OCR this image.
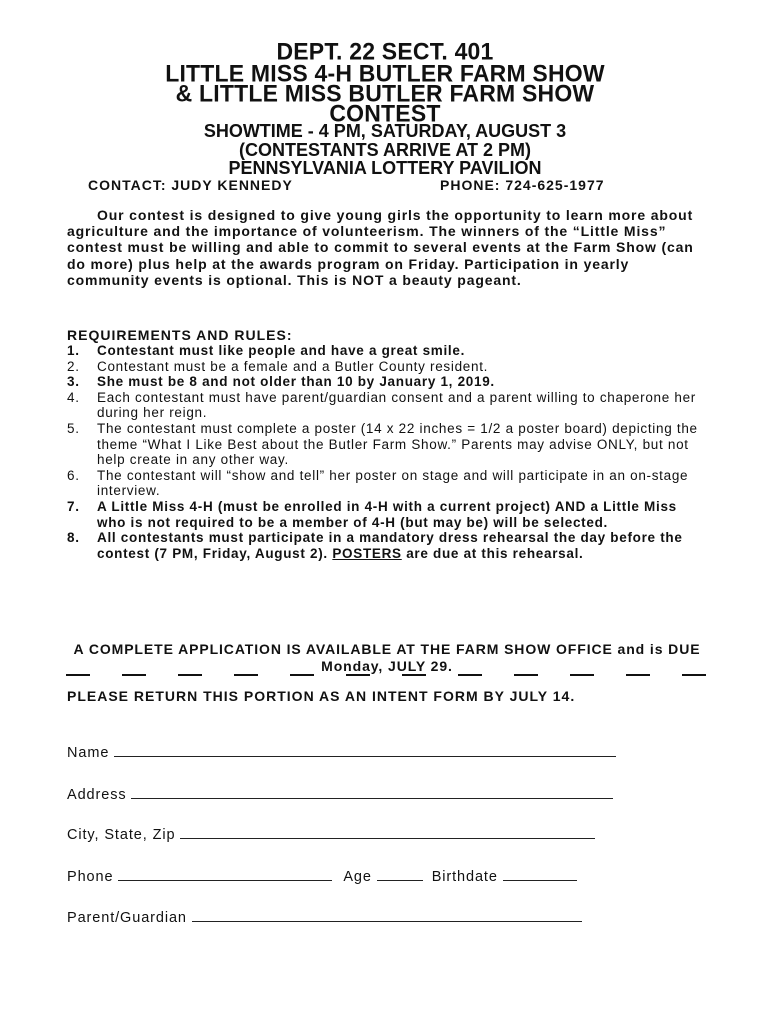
DEPT. 22 SECT. 401
LITTLE MISS 4-H BUTLER FARM SHOW
& LITTLE MISS BUTLER FARM SHOW
CONTEST
SHOWTIME - 4 PM, SATURDAY, AUGUST 3
(CONTESTANTS ARRIVE AT 2 PM)
PENNSYLVANIA LOTTERY PAVILION
CONTACT: JUDY KENNEDY	PHONE: 724-625-1977

Our contest is designed to give young girls the opportunity to learn more about agriculture and the importance of volunteerism. The winners of the “Little Miss” contest must be willing and able to commit to several events at the Farm Show (can do more) plus help at the awards program on Friday. Participation in yearly community events is optional. This is NOT a beauty pageant.

REQUIREMENTS AND RULES:
1. Contestant must like people and have a great smile.
2. Contestant must be a female and a Butler County resident.
3. She must be 8 and not older than 10 by January 1, 2019.
4. Each contestant must have parent/guardian consent and a parent willing to chaperone her during her reign.
5. The contestant must complete a poster (14 x 22 inches = 1/2 a poster board) depicting the theme “What I Like Best about the Butler Farm Show.” Parents may advise ONLY, but not help create in any other way.
6. The contestant will “show and tell” her poster on stage and will participate in an on-stage interview.
7. A Little Miss 4-H (must be enrolled in 4-H with a current project) AND a Little Miss who is not required to be a member of 4-H (but may be) will be selected.
8. All contestants must participate in a mandatory dress rehearsal the day before the contest (7 PM, Friday, August 2). POSTERS are due at this rehearsal.
A COMPLETE APPLICATION IS AVAILABLE AT THE FARM SHOW OFFICE and is DUE Monday, JULY 29.
PLEASE RETURN THIS PORTION AS AN INTENT FORM BY JULY 14.
Name
Address
City, State, Zip
Phone	Age	Birthdate
Parent/Guardian
